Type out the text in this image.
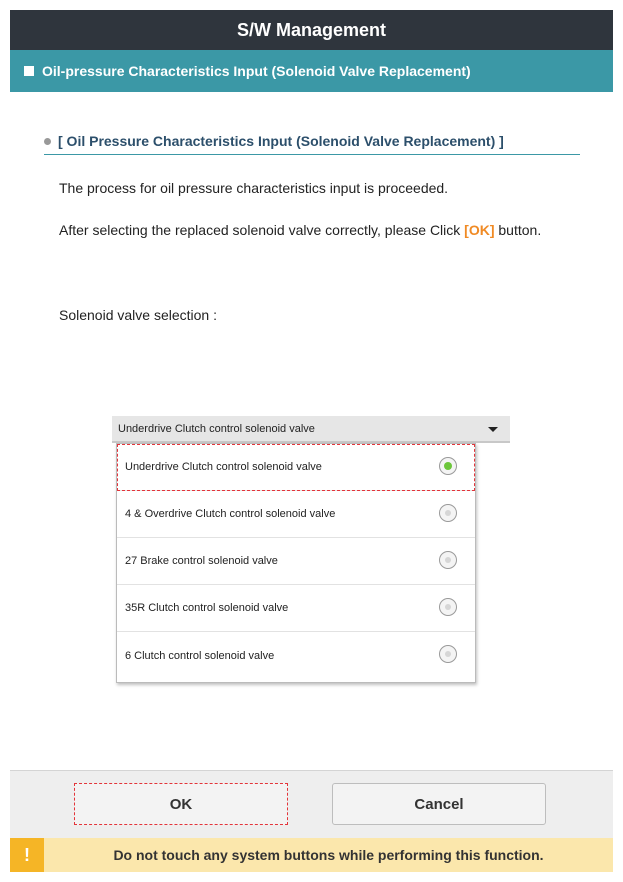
S/W Management
Oil-pressure Characteristics Input (Solenoid Valve Replacement)
[ Oil Pressure Characteristics Input (Solenoid Valve Replacement) ]
The process for oil pressure characteristics input is proceeded.
After selecting the replaced solenoid valve correctly, please Click [OK] button.
Solenoid valve selection :
Underdrive Clutch control solenoid valve
Underdrive Clutch control solenoid valve
4 & Overdrive Clutch control solenoid valve
27 Brake control solenoid valve
35R Clutch control solenoid valve
6 Clutch control solenoid valve
OK	Cancel
!	Do not touch any system buttons while performing this function.
